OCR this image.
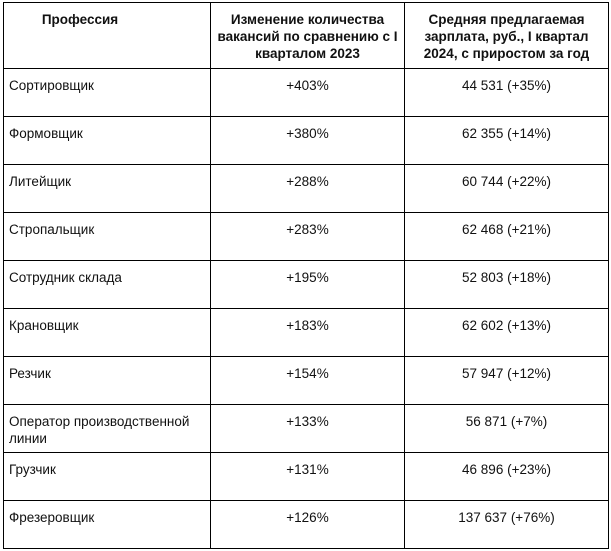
Профессия	Изменение количества вакансий по сравнению с I кварталом 2023	Средняя предлагаемая зарплата, руб., I квартал 2024, с приростом за год
Сортировщик	+403%	44 531 (+35%)
Формовщик	+380%	62 355 (+14%)
Литейщик	+288%	60 744 (+22%)
Стропальщик	+283%	62 468 (+21%)
Сотрудник склада	+195%	52 803 (+18%)
Крановщик	+183%	62 602 (+13%)
Резчик	+154%	57 947 (+12%)
Оператор производственной линии	+133%	56 871 (+7%)
Грузчик	+131%	46 896 (+23%)
Фрезеровщик	+126%	137 637 (+76%)
